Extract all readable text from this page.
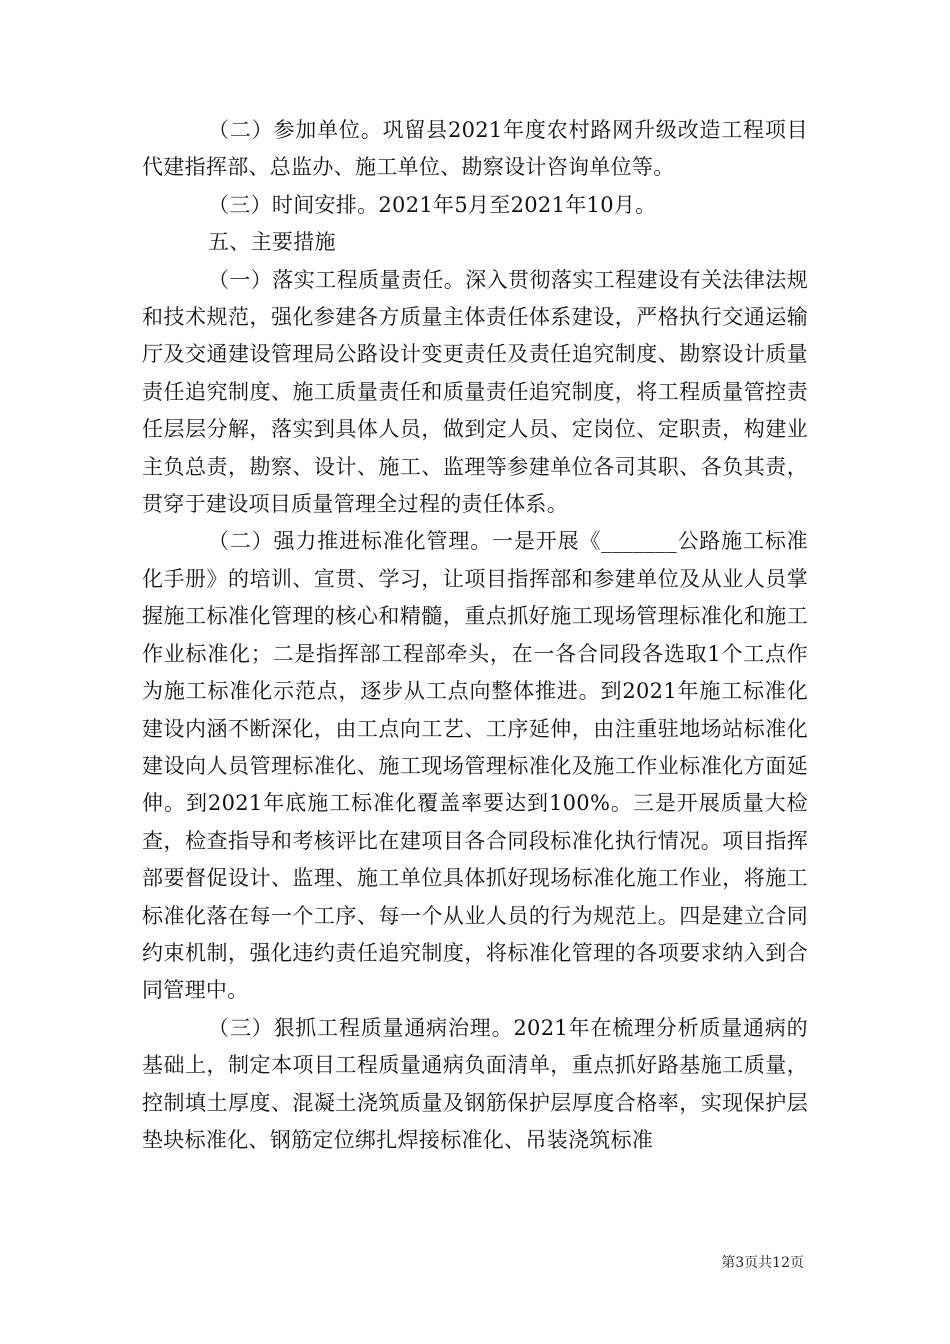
（二）参加单位。巩留县2021年度农村路网升级改造工程项目代建指挥部、总监办、施工单位、勘察设计咨询单位等。

（三）时间安排。2021年5月至2021年10月。

五、主要措施

（一）落实工程质量责任。深入贯彻落实工程建设有关法律法规和技术规范，强化参建各方质量主体责任体系建设，严格执行交通运输厅及交通建设管理局公路设计变更责任及责任追究制度、勘察设计质量责任追究制度、施工质量责任和质量责任追究制度，将工程质量管控责任层层分解，落实到具体人员，做到定人员、定岗位、定职责，构建业主负总责，勘察、设计、施工、监理等参建单位各司其职、各负其责，贯穿于建设项目质量管理全过程的责任体系。

（二）强力推进标准化管理。一是开展《_______公路施工标准化手册》的培训、宣贯、学习，让项目指挥部和参建单位及从业人员掌握施工标准化管理的核心和精髓，重点抓好施工现场管理标准化和施工作业标准化；二是指挥部工程部牵头，在一各合同段各选取1个工点作为施工标准化示范点，逐步从工点向整体推进。到2021年施工标准化建设内涵不断深化，由工点向工艺、工序延伸，由注重驻地场站标准化建设向人员管理标准化、施工现场管理标准化及施工作业标准化方面延伸。到2021年底施工标准化覆盖率要达到100%。三是开展质量大检查，检查指导和考核评比在建项目各合同段标准化执行情况。项目指挥部要督促设计、监理、施工单位具体抓好现场标准化施工作业，将施工标准化落在每一个工序、每一个从业人员的行为规范上。四是建立合同约束机制，强化违约责任追究制度，将标准化管理的各项要求纳入到合同管理中。

（三）狠抓工程质量通病治理。2021年在梳理分析质量通病的基础上，制定本项目工程质量通病负面清单，重点抓好路基施工质量，控制填土厚度、混凝土浇筑质量及钢筋保护层厚度合格率，实现保护层垫块标准化、钢筋定位绑扎焊接标准化、吊装浇筑标准

第3页共12页
